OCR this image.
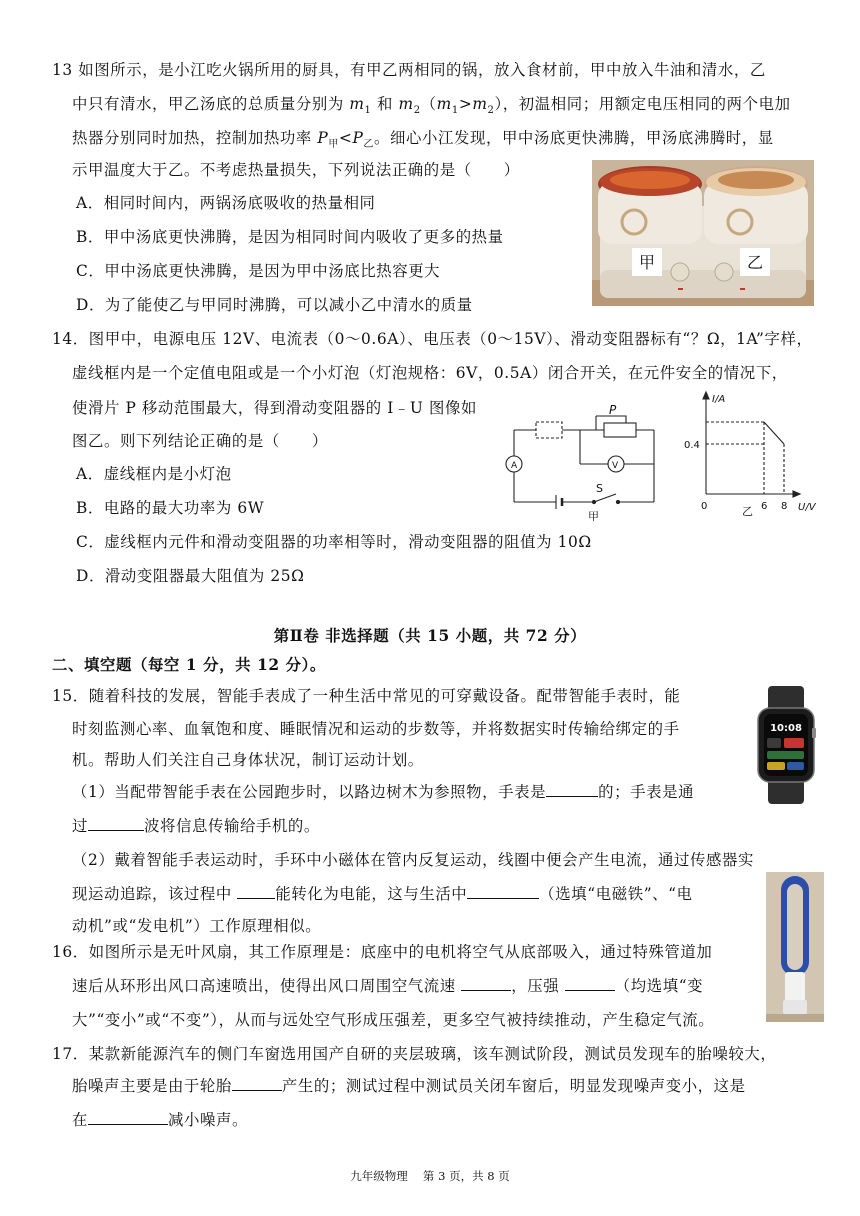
13 如图所示，是小江吃火锅所用的厨具，有甲乙两相同的锅，放入食材前，甲中放入牛油和清水，乙
中只有清水，甲乙汤底的总质量分别为 $m_1$ 和 $m_2(m_1>m_2)$，初温相同；用额定电压相同的两个电加
热器分别同时加热，控制加热功率 $P_甲<P_乙$。细心小江发现，甲中汤底更快沸腾，甲汤底沸腾时，显
示甲温度大于乙。不考虑热量损失，下列说法正确的是（　　）
A．相同时间内，两锅汤底吸收的热量相同
B．甲中汤底更快沸腾，是因为相同时间内吸收了更多的热量
C．甲中汤底更快沸腾，是因为甲中汤底比热容更大
D．为了能使乙与甲同时沸腾，可以减小乙中清水的质量
甲	乙
14．图甲中，电源电压 12V、电流表（0～0.6A）、电压表（0～15V）、滑动变阻器标有“？Ω，1A”字样，
虚线框内是一个定值电阻或是一个小灯泡（灯泡规格：6V，0.5A）闭合开关，在元件安全的情况下，
使滑片 P 移动范围最大，得到滑动变阻器的 I﹣U 图像如
图乙。则下列结论正确的是（　　）
A．虚线框内是小灯泡
B．电路的最大功率为 6W
C．虚线框内元件和滑动变阻器的功率相等时，滑动变阻器的阻值为 10Ω
D．滑动变阻器最大阻值为 25Ω
P
A	V
S
甲
I/A
0.4
0	6 8 U/V
乙
第Ⅱ卷 非选择题（共 15 小题，共 72 分）
二、填空题（每空 1 分，共 12 分）。
15．随着科技的发展，智能手表成了一种生活中常见的可穿戴设备。配带智能手表时，能
时刻监测心率、血氧饱和度、睡眠情况和运动的步数等，并将数据实时传输给绑定的手
机。帮助人们关注自己身体状况，制订运动计划。
（1）当配带智能手表在公园跑步时，以路边树木为参照物，手表是	的；手表是通
过	波将信息传输给手机的。
（2）戴着智能手表运动时，手环中小磁体在管内反复运动，线圈中便会产生电流，通过传感器实
现运动追踪，该过程中 能转化为电能，这与生活中	（选填“电磁铁”、“电
动机”或“发电机”）工作原理相似。
10:08
16．如图所示是无叶风扇，其工作原理是：底座中的电机将空气从底部吸入，通过特殊管道加
速后从环形出风口高速喷出，使得出风口周围空气流速	，压强	（均选填“变
大”“变小”或“不变”），从而与远处空气形成压强差，更多空气被持续推动，产生稳定气流。
17．某款新能源汽车的侧门车窗选用国产自研的夹层玻璃，该车测试阶段，测试员发现车的胎噪较大，
胎噪声主要是由于轮胎	产生的；测试过程中测试员关闭车窗后，明显发现噪声变小，这是
在	减小噪声。
九年级物理　 第 3 页，共 8 页
